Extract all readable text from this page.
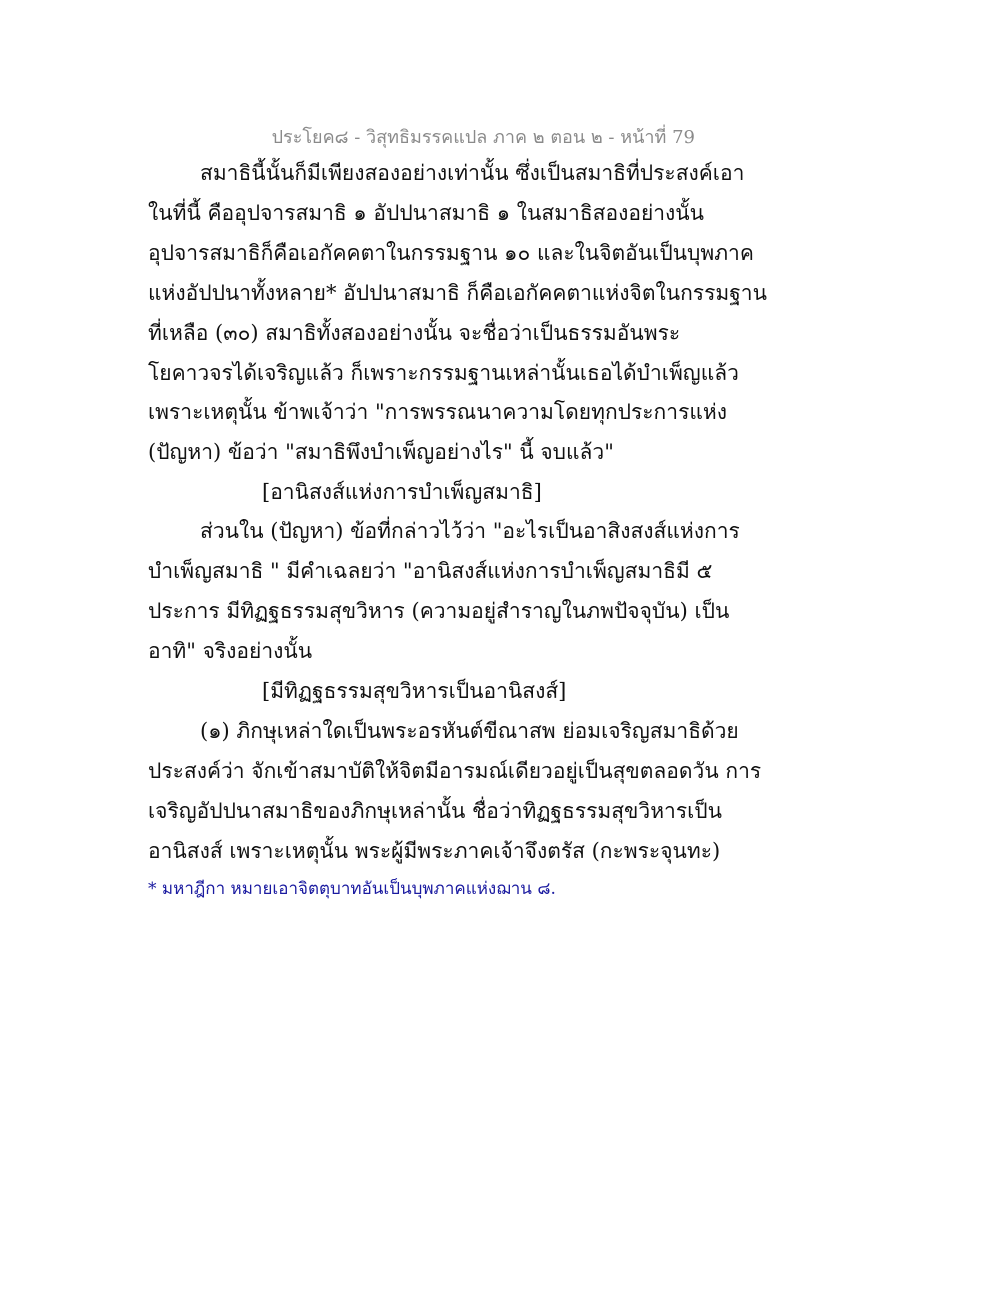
ประโยค๘ - วิสุทธิมรรคแปล ภาค ๒ ตอน ๒ - หน้าที่ 79
สมาธินี้นั้นก็มีเพียงสองอย่างเท่านั้น ซึ่งเป็นสมาธิที่ประสงค์เอา
ในที่นี้ คืออุปจารสมาธิ ๑ อัปปนาสมาธิ ๑ ในสมาธิสองอย่างนั้น
อุปจารสมาธิก็คือเอกัคคตาในกรรมฐาน ๑๐ และในจิตอันเป็นบุพภาค
แห่งอัปปนาทั้งหลาย* อัปปนาสมาธิ ก็คือเอกัคคตาแห่งจิตในกรรมฐาน
ที่เหลือ (๓๐) สมาธิทั้งสองอย่างนั้น จะชื่อว่าเป็นธรรมอันพระ
โยคาวจรได้เจริญแล้ว ก็เพราะกรรมฐานเหล่านั้นเธอได้บำเพ็ญแล้ว
เพราะเหตุนั้น ข้าพเจ้าว่า "การพรรณนาความโดยทุกประการแห่ง
(ปัญหา) ข้อว่า "สมาธิพึงบำเพ็ญอย่างไร" นี้ จบแล้ว"
[อานิสงส์แห่งการบำเพ็ญสมาธิ]
ส่วนใน (ปัญหา) ข้อที่กล่าวไว้ว่า "อะไรเป็นอาสิงสงส์แห่งการ
บำเพ็ญสมาธิ " มีคำเฉลยว่า "อานิสงส์แห่งการบำเพ็ญสมาธิมี ๕
ประการ มีทิฏฐธรรมสุขวิหาร (ความอยู่สำราญในภพปัจจุบัน) เป็น
อาทิ" จริงอย่างนั้น
[มีทิฏฐธรรมสุขวิหารเป็นอานิสงส์]
(๑) ภิกษุเหล่าใดเป็นพระอรหันต์ขีณาสพ ย่อมเจริญสมาธิด้วย
ประสงค์ว่า จักเข้าสมาบัติให้จิตมีอารมณ์เดียวอยู่เป็นสุขตลอดวัน การ
เจริญอัปปนาสมาธิของภิกษุเหล่านั้น ชื่อว่าทิฏฐธรรมสุขวิหารเป็น
อานิสงส์ เพราะเหตุนั้น พระผู้มีพระภาคเจ้าจึงตรัส (กะพระจุนทะ)
* มหาฎีกา หมายเอาจิตตุบาทอันเป็นบุพภาคแห่งฌาน ๘.
